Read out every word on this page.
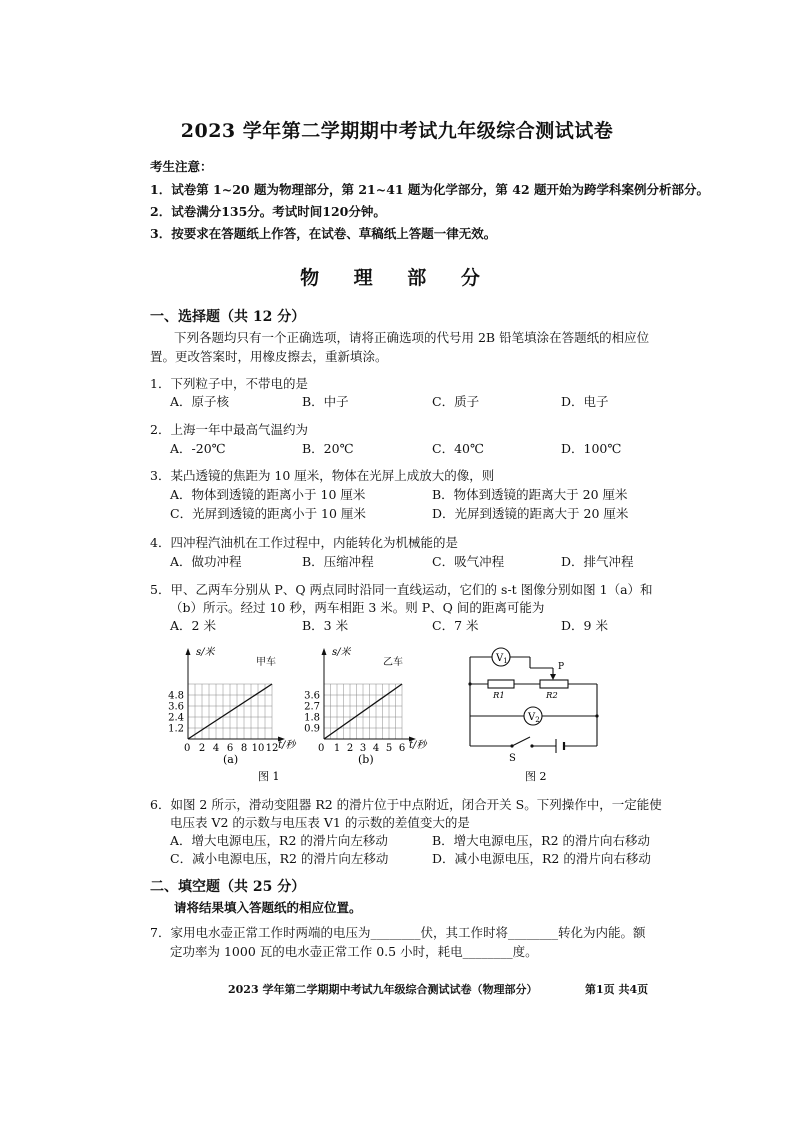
2023 学年第二学期期中考试九年级综合测试试卷
考生注意：
1．试卷第 1~20 题为物理部分，第 21~41 题为化学部分，第 42 题开始为跨学科案例分析部分。
2．试卷满分135分。考试时间120分钟。
3．按要求在答题纸上作答，在试卷、草稿纸上答题一律无效。
物 理 部 分
一、选择题（共 12 分）
下列各题均只有一个正确选项，请将正确选项的代号用 2B 铅笔填涂在答题纸的相应位
置。更改答案时，用橡皮擦去，重新填涂。
1．下列粒子中，不带电的是
A．原子核	B．中子	C．质子	D．电子
2．上海一年中最高气温约为
A．-20℃	B．20℃	C．40℃	D．100℃
3．某凸透镜的焦距为 10 厘米，物体在光屏上成放大的像，则
A．物体到透镜的距离小于 10 厘米	B．物体到透镜的距离大于 20 厘米
C．光屏到透镜的距离小于 10 厘米	D．光屏到透镜的距离大于 20 厘米
4．四冲程汽油机在工作过程中，内能转化为机械能的是
A．做功冲程	B．压缩冲程	C．吸气冲程	D．排气冲程
5．甲、乙两车分别从 P、Q 两点同时沿同一直线运动，它们的 s-t 图像分别如图 1（a）和
（b）所示。经过 10 秒，两车相距 3 米。则 P、Q 间的距离可能为
A．2 米	B．3 米	C．7 米	D．9 米
1.2
2.4
3.6
4.8
2 4 6 8 10 12
0
0.9
1.8
2.7
3.6
1 2 3 4 5 6
0
s/米
甲车
t/秒
(a)
s/米
乙车
t/秒
(b)
图 1
$V_1$
$V_2$
R1	R2
P
S
图 2
6．如图 2 所示，滑动变阻器 R2 的滑片位于中点附近，闭合开关 S。下列操作中，一定能使
电压表 V2 的示数与电压表 V1 的示数的差值变大的是
A．增大电源电压，R2 的滑片向左移动	B．增大电源电压，R2 的滑片向右移动
C．减小电源电压，R2 的滑片向左移动	D．减小电源电压，R2 的滑片向右移动
二、填空题（共 25 分）
请将结果填入答题纸的相应位置。
7．家用电水壶正常工作时两端的电压为________伏，其工作时将________转化为内能。额
定功率为 1000 瓦的电水壶正常工作 0.5 小时，耗电________度。
2023 学年第二学期期中考试九年级综合测试试卷（物理部分）	第1页 共4页
